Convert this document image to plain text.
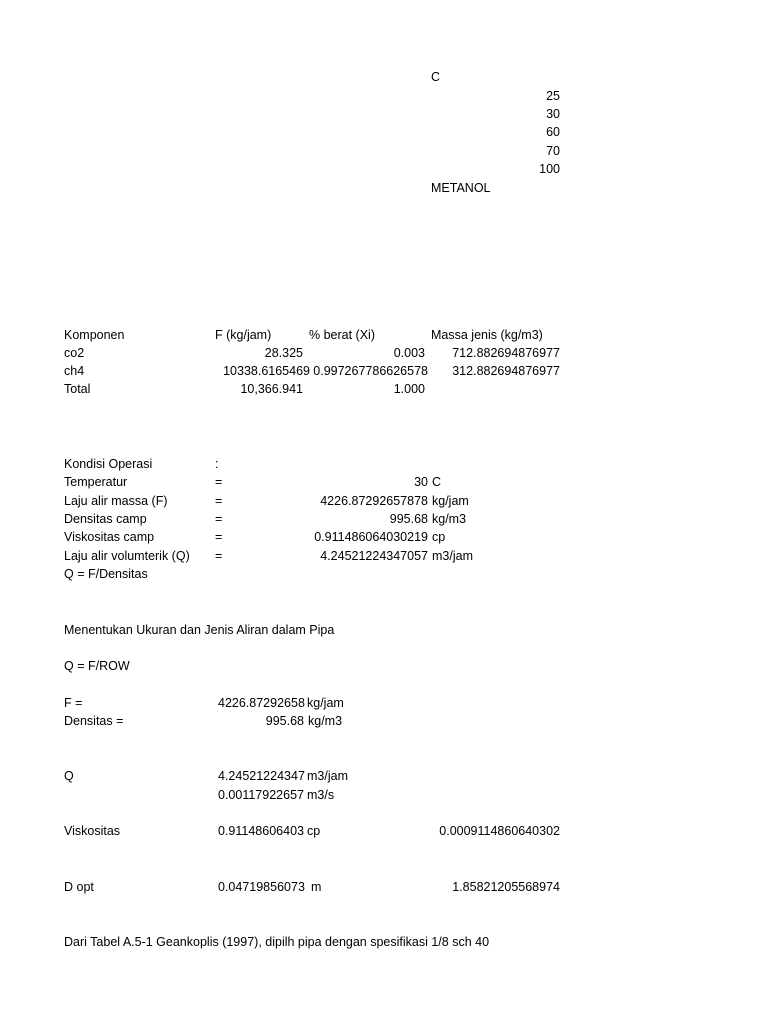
C
25
30
60
70
100
METANOL
Komponen	F (kg/jam)	% berat (Xi)	Massa jenis (kg/m3)
co2	28.325	0.003	712.882694876977
ch4	10338.6165469 0.997267786626578	312.882694876977
Total	10,366.941	1.000
Kondisi Operasi	:
Temperatur	=	30 C
Laju alir massa (F)	=	4226.87292657878 kg/jam
Densitas camp	=	995.68 kg/m3
Viskositas camp	=	0.911486064030219 cp
Laju alir volumterik (Q) =	4.24521224347057 m3/jam
Q = F/Densitas
Menentukan Ukuran dan Jenis Aliran dalam Pipa
Q = F/ROW
F =	4226.87292658 kg/jam
Densitas =	995.68 kg/m3
Q	4.24521224347 m3/jam
0.00117922657 m3/s
Viskositas	0.91148606403 cp	0.0009114860640302
D opt	0.04719856073 m	1.85821205568974
Dari Tabel A.5-1 Geankoplis (1997), dipilh pipa dengan spesifikasi 1/8 sch 40
